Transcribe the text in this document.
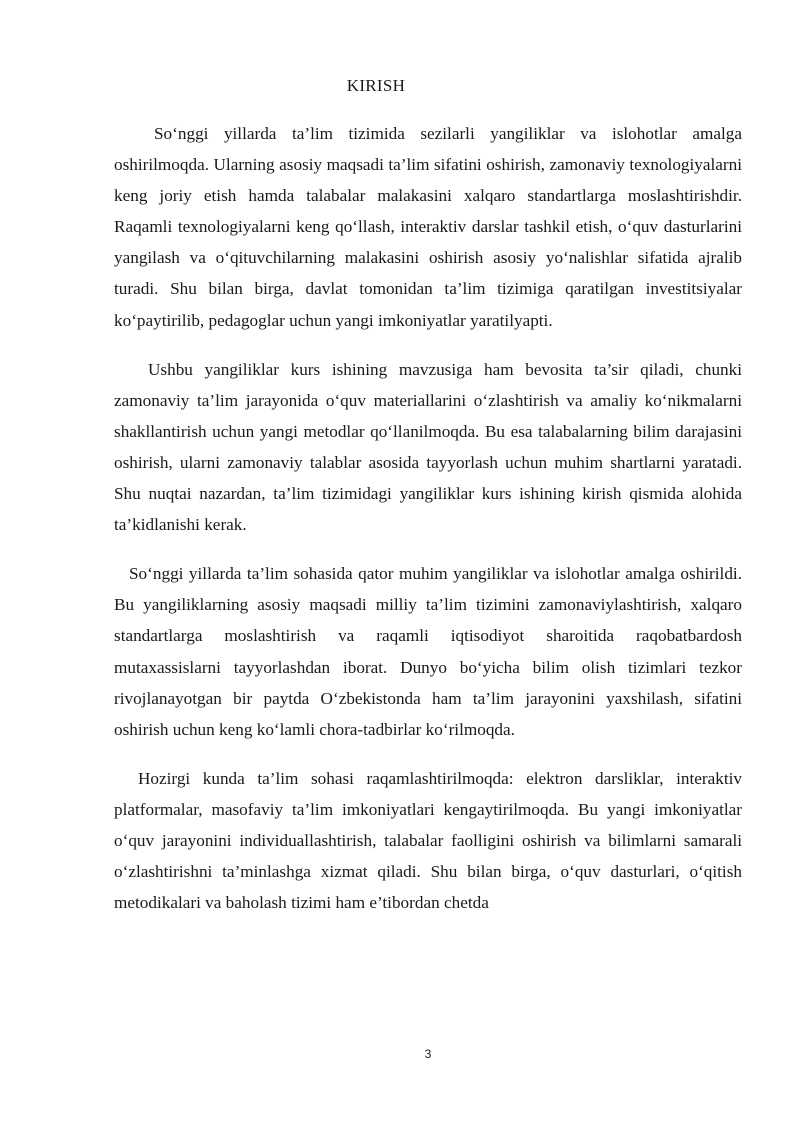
KIRISH

So‘nggi yillarda ta’lim tizimida sezilarli yangiliklar va islohotlar amalga oshirilmoqda. Ularning asosiy maqsadi ta’lim sifatini oshirish, zamonaviy texnologiyalarni keng joriy etish hamda talabalar malakasini xalqaro standartlarga moslashtirishdir. Raqamli texnologiyalarni keng qo‘llash, interaktiv darslar tashkil etish, o‘quv dasturlarini yangilash va o‘qituvchilarning malakasini oshirish asosiy yo‘nalishlar sifatida ajralib turadi. Shu bilan birga, davlat tomonidan ta’lim tizimiga qaratilgan investitsiyalar ko‘paytirilib, pedagoglar uchun yangi imkoniyatlar yaratilyapti.

Ushbu yangiliklar kurs ishining mavzusiga ham bevosita ta’sir qiladi, chunki zamonaviy ta’lim jarayonida o‘quv materiallarini o‘zlashtirish va amaliy ko‘nikmalarni shakllantirish uchun yangi metodlar qo‘llanilmoqda. Bu esa talabalarning bilim darajasini oshirish, ularni zamonaviy talablar asosida tayyorlash uchun muhim shartlarni yaratadi. Shu nuqtai nazardan, ta’lim tizimidagi yangiliklar kurs ishining kirish qismida alohida ta’kidlanishi kerak.

So‘nggi yillarda ta’lim sohasida qator muhim yangiliklar va islohotlar amalga oshirildi. Bu yangiliklarning asosiy maqsadi milliy ta’lim tizimini zamonaviylashtirish, xalqaro standartlarga moslashtirish va raqamli iqtisodiyot sharoitida raqobatbardosh mutaxassislarni tayyorlashdan iborat. Dunyo bo‘yicha bilim olish tizimlari tezkor rivojlanayotgan bir paytda O‘zbekistonda ham ta’lim jarayonini yaxshilash, sifatini oshirish uchun keng ko‘lamli chora-tadbirlar ko‘rilmoqda.

Hozirgi kunda ta’lim sohasi raqamlashtirilmoqda: elektron darsliklar, interaktiv platformalar, masofaviy ta’lim imkoniyatlari kengaytirilmoqda. Bu yangi imkoniyatlar o‘quv jarayonini individuallashtirish, talabalar faolligini oshirish va bilimlarni samarali o‘zlashtirishni ta’minlashga xizmat qiladi. Shu bilan birga, o‘quv dasturlari, o‘qitish metodikalari va baholash tizimi ham e’tibordan chetda

3
